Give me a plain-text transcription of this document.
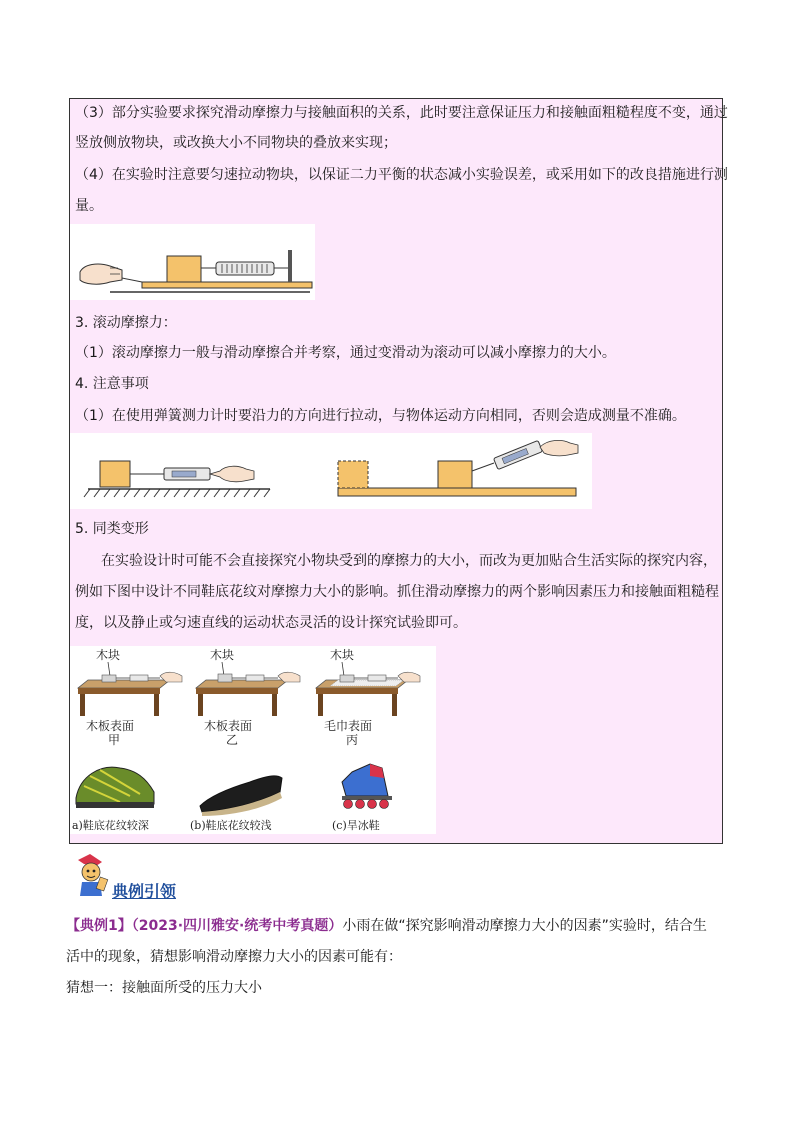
（3）部分实验要求探究滑动摩擦力与接触面积的关系，此时要注意保证压力和接触面粗糙程度不变，通过
竖放侧放物块，或改换大小不同物块的叠放来实现；
（4）在实验时注意要匀速拉动物块，以保证二力平衡的状态减小实验误差，或采用如下的改良措施进行测
量。
3. 滚动摩擦力：
（1）滚动摩擦力一般与滑动摩擦合并考察，通过变滑动为滚动可以减小摩擦力的大小。
4. 注意事项
（1）在使用弹簧测力计时要沿力的方向进行拉动，与物体运动方向相同，否则会造成测量不准确。
5. 同类变形
在实验设计时可能不会直接探究小物块受到的摩擦力的大小，而改为更加贴合生活实际的探究内容，
例如下图中设计不同鞋底花纹对摩擦力大小的影响。抓住滑动摩擦力的两个影响因素压力和接触面粗糙程
度，以及静止或匀速直线的运动状态灵活的设计探究试验即可。
木块
木板表面
甲
木块
木板表面
乙
木块
毛巾表面
丙
a)鞋底花纹较深	(b)鞋底花纹较浅	(c)旱冰鞋
典例引领
【典例1】（2023·四川雅安·统考中考真题）小雨在做“探究影响滑动摩擦力大小的因素”实验时，结合生
活中的现象，猜想影响滑动摩擦力大小的因素可能有：
猜想一：接触面所受的压力大小
